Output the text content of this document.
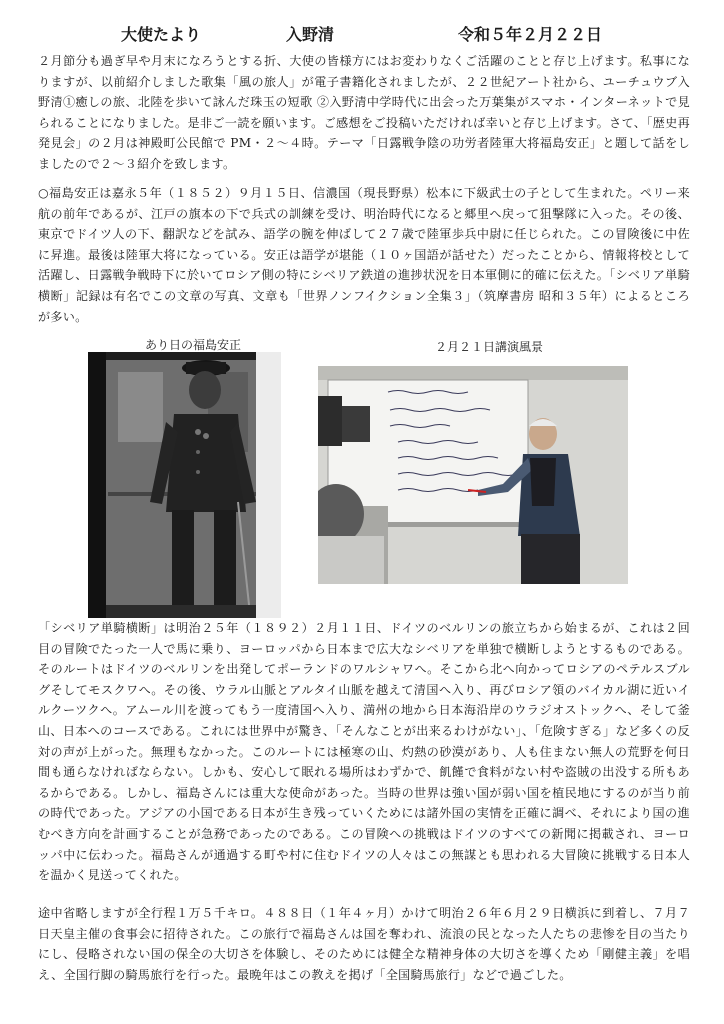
大使たより	入野清	令和５年２月２２日

２月節分も過ぎ早や月末になろうとする折、大使の皆様方にはお変わりなくご活躍のことと存じ上げます。私事になりますが、以前紹介しました歌集「風の旅人」が電子書籍化されましたが、２２世紀アート社から、ユーチュウブ入野清①癒しの旅、北陸を歩いて詠んだ珠玉の短歌 ②入野清中学時代に出会った万葉集がスマホ・インターネットで見られることになりました。是非ご一読を願います。ご感想をご投稿いただければ幸いと存じ上げます。さて、「歴史再発見会」の２月は神殿町公民館で PM・２〜４時。テーマ「日露戦争陰の功労者陸軍大将福島安正」と題して話をしましたので２〜３紹介を致します。

○福島安正は嘉永５年（１８５２）９月１５日、信濃国（現長野県）松本に下級武士の子として生まれた。ペリー来航の前年であるが、江戸の旗本の下で兵式の訓練を受け、明治時代になると郷里へ戻って狙撃隊に入った。その後、東京でドイツ人の下、翻訳などを試み、語学の腕を伸ばして２７歳で陸軍歩兵中尉に任じられた。この冒険後に中佐に昇進。最後は陸軍大将になっている。安正は語学が堪能（１０ヶ国語が話せた）だったことから、情報将校として活躍し、日露戦争戦時下に於いてロシア側の特にシベリア鉄道の進捗状況を日本軍側に的確に伝えた。「シベリア単騎横断」記録は有名でこの文章の写真、文章も「世界ノンフイクション全集３」（筑摩書房 昭和３５年）によるところが多い。

あり日の福島安正	２月２１日講演風景

「シベリア単騎横断」は明治２５年（１８９２）２月１１日、ドイツのベルリンの旅立ちから始まるが、これは２回目の冒険でたった一人で馬に乗り、ヨーロッパから日本まで広大なシベリアを単独で横断しようとするものである。そのルートはドイツのベルリンを出発してポーランドのワルシャワへ。そこから北へ向かってロシアのペテルスブルグそしてモスクワへ。その後、ウラル山脈とアルタイ山脈を越えて清国へ入り、再びロシア領のバイカル湖に近いイルクーツクへ。アムール川を渡ってもう一度清国へ入り、満州の地から日本海沿岸のウラジオストックへ、そして釜山、日本へのコースである。これには世界中が驚き、「そんなことが出来るわけがない」、「危険すぎる」など多くの反対の声が上がった。無理もなかった。このルートには極寒の山、灼熱の砂漠があり、人も住まない無人の荒野を何日間も通らなければならない。しかも、安心して眠れる場所はわずかで、飢饉で食料がない村や盗賊の出没する所もあるからである。しかし、福島さんには重大な使命があった。当時の世界は強い国が弱い国を植民地にするのが当り前の時代であった。アジアの小国である日本が生き残っていくためには諸外国の実情を正確に調べ、それにより国の進むべき方向を計画することが急務であったのである。この冒険への挑戦はドイツのすべての新聞に掲載され、ヨーロッパ中に伝わった。福島さんが通過する町や村に住むドイツの人々はこの無謀とも思われる大冒険に挑戦する日本人を温かく見送ってくれた。

途中省略しますが全行程１万５千キロ。４８８日（１年４ヶ月）かけて明治２６年６月２９日横浜に到着し、７月７日天皇主催の食事会に招待された。この旅行で福島さんは国を奪われ、流浪の民となった人たちの悲惨を目の当たりにし、侵略されない国の保全の大切さを体験し、そのためには健全な精神身体の大切さを導くため「剛健主義」を唱え、全国行脚の騎馬旅行を行った。最晩年はこの教えを掲げ「全国騎馬旅行」などで過ごした。
